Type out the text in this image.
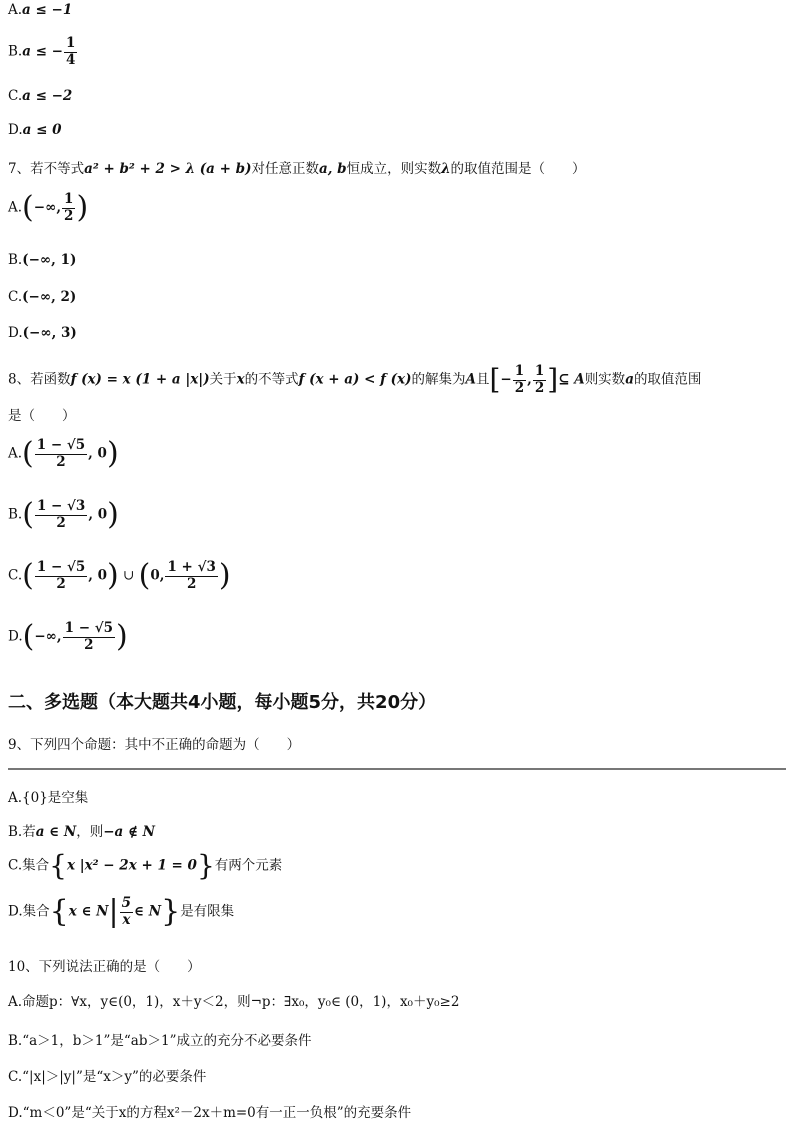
A.a ≤ −1
B.a ≤ − $\frac{1}{4}$
C.a ≤ −2
D.a ≤ 0
7、若不等式a² + b² + 2 > λ (a + b)对任意正数a, b恒成立，则实数λ的取值范围是（　　）
A.(−∞, $\frac{1}{2}$ )
B.(−∞, 1)
C.(−∞, 2)
D.(−∞, 3)
8、若函数f (x) = x (1 + a |x|)关于x的不等式f (x + a) < f (x)的解集为A且[− $\frac{1}{2}$ , $\frac{1}{2}$ ]⊆ A则实数a的取值范围
是（　　）
$A.( \frac{1 - √5}{2}$ , 0)
$B.( \frac{1 - √3}{2}$ , 0)
$C.( \frac{1 - √5}{2}$ , 0) ∪ (0, $\frac{1 + √3}{2}$ )
D.(−∞, $\frac{1 - √5}{2}$ )
二、多选题（本大题共4小题，每小题5分，共20分）
9、下列四个命题：其中不正确的命题为（　　）
A.{0}是空集
B.若a ∈ N，则−a ∉ N
C.集合{x |x² − 2x + 1 = 0}有两个元素
D.集合{x ∈ $N| \frac{5}{x}$ ∈ N}是有限集
10、下列说法正确的是（　　）
A.命题p：∀x，y∈(0，1)，x＋y＜2，则¬p：∃x₀，y₀∈ (0，1)，x₀＋y₀≥2
B.“a＞1，b＞1”是“ab＞1”成立的充分不必要条件
C.“|x|＞|y|”是“x＞y”的必要条件
D.“m＜0”是“关于x的方程x²－2x＋m=0有一正一负根”的充要条件
